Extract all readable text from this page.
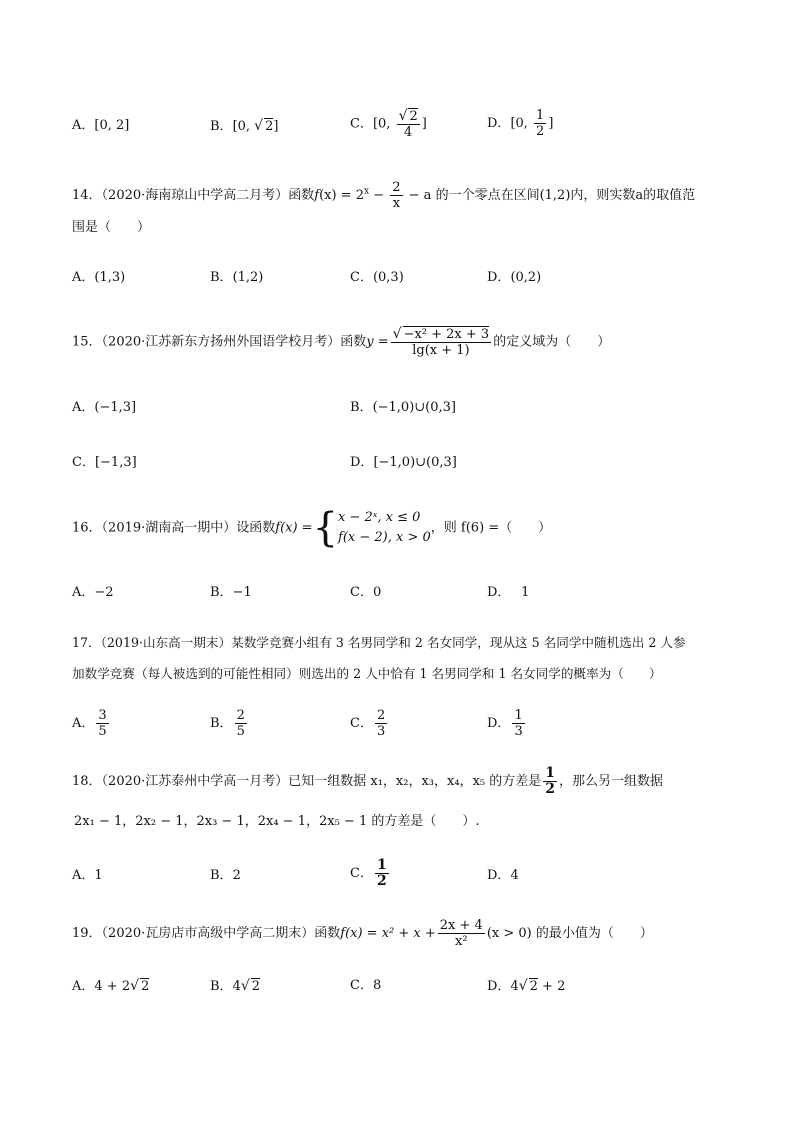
A．[0, 2]	B．[0, √ 2]	C．[0, $\frac{√ 2}{4}$ ]	D．[0, $\frac{1}{2}$ ]
14．（2020·海南琼山中学高二月考）函数$f(x) = 2^x - \frac{2}{x} - a$ 的一个零点在区间(1,2)内，则实数a的取值范
围是（　　）
A．(1,3)	B．(1,2)	C．(0,3)	D．(0,2)
15．（2020·江苏新东方扬州外国语学校月考）函数$y = \frac{\text{√ −x² + 2x + 3}}{\lg(x + 1)}$ 的定义域为（　　）
A．(−1,3]	B．(−1,0)∪(0,3]
C．[−1,3]	D．[−1,0)∪(0,3]
16．（2019·湖南高一期中）设函数f(x) ={ x − 2ˣ, x ≤ 0
f(x − 2), x > 0
，则 f(6) =（　　）
A．−2	B．−1	C．0	D．　 1
17．（2019·山东高一期末）某数学竞赛小组有 3 名男同学和 2 名女同学，现从这 5 名同学中随机选出 2 人参
加数学竞赛（每人被选到的可能性相同）则选出的 2 人中恰有 1 名男同学和 1 名女同学的概率为（　　）
A． $\frac{3}{5}$	B． $\frac{2}{5}$	C． $\frac{2}{3}$	D． $\frac{1}{3}$
18．（2020·江苏泰州中学高一月考）已知一组数据 x₁，x₂，x₃，x₄，x₅ 的方差是 $\frac{1}{2}$ ，那么另一组数据
2x₁ − 1，2x₂ − 1，2x₃ − 1，2x₄ − 1，2x₅ − 1 的方差是（　　）.
A．1	B．2	C． $\frac{1}{2}$	D．4
19．（2020·瓦房店市高级中学高二期末）函数$f(x) = x^2 + x + \frac{2x + 4}{\text{x²}} (x > 0)$ 的最小值为（　　）
A．4 + 2√ 2	B．4√ 2	C．8	D．4√ 2 + 2
